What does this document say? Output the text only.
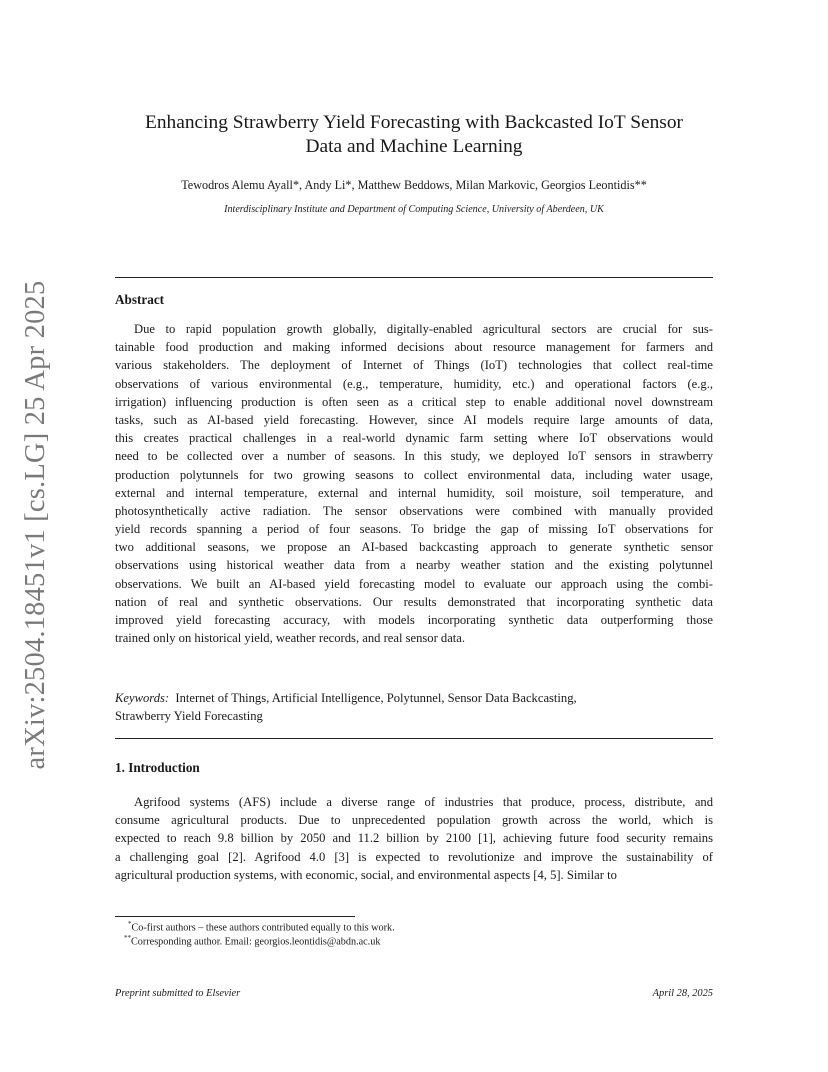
arXiv:2504.18451v1 [cs.LG] 25 Apr 2025
Enhancing Strawberry Yield Forecasting with Backcasted IoT Sensor
Data and Machine Learning
Tewodros Alemu Ayall*, Andy Li*, Matthew Beddows, Milan Markovic, Georgios Leontidis**
Interdisciplinary Institute and Department of Computing Science, University of Aberdeen, UK
Abstract
Due to rapid population growth globally, digitally-enabled agricultural sectors are crucial for sus-
tainable food production and making informed decisions about resource management for farmers and
various stakeholders. The deployment of Internet of Things (IoT) technologies that collect real-time
observations of various environmental (e.g., temperature, humidity, etc.) and operational factors (e.g.,
irrigation) influencing production is often seen as a critical step to enable additional novel downstream
tasks, such as AI-based yield forecasting. However, since AI models require large amounts of data,
this creates practical challenges in a real-world dynamic farm setting where IoT observations would
need to be collected over a number of seasons. In this study, we deployed IoT sensors in strawberry
production polytunnels for two growing seasons to collect environmental data, including water usage,
external and internal temperature, external and internal humidity, soil moisture, soil temperature, and
photosynthetically active radiation. The sensor observations were combined with manually provided
yield records spanning a period of four seasons. To bridge the gap of missing IoT observations for
two additional seasons, we propose an AI-based backcasting approach to generate synthetic sensor
observations using historical weather data from a nearby weather station and the existing polytunnel
observations. We built an AI-based yield forecasting model to evaluate our approach using the combi-
nation of real and synthetic observations. Our results demonstrated that incorporating synthetic data
improved yield forecasting accuracy, with models incorporating synthetic data outperforming those
trained only on historical yield, weather records, and real sensor data.
Keywords: Internet of Things, Artificial Intelligence, Polytunnel, Sensor Data Backcasting,
Strawberry Yield Forecasting
1. Introduction
Agrifood systems (AFS) include a diverse range of industries that produce, process, distribute, and
consume agricultural products. Due to unprecedented population growth across the world, which is
expected to reach 9.8 billion by 2050 and 11.2 billion by 2100 [1], achieving future food security remains
a challenging goal [2]. Agrifood 4.0 [3] is expected to revolutionize and improve the sustainability of
agricultural production systems, with economic, social, and environmental aspects [4, 5]. Similar to
*Co-first authors – these authors contributed equally to this work.
**Corresponding author. Email: georgios.leontidis@abdn.ac.uk
Preprint submitted to Elsevier	April 28, 2025
